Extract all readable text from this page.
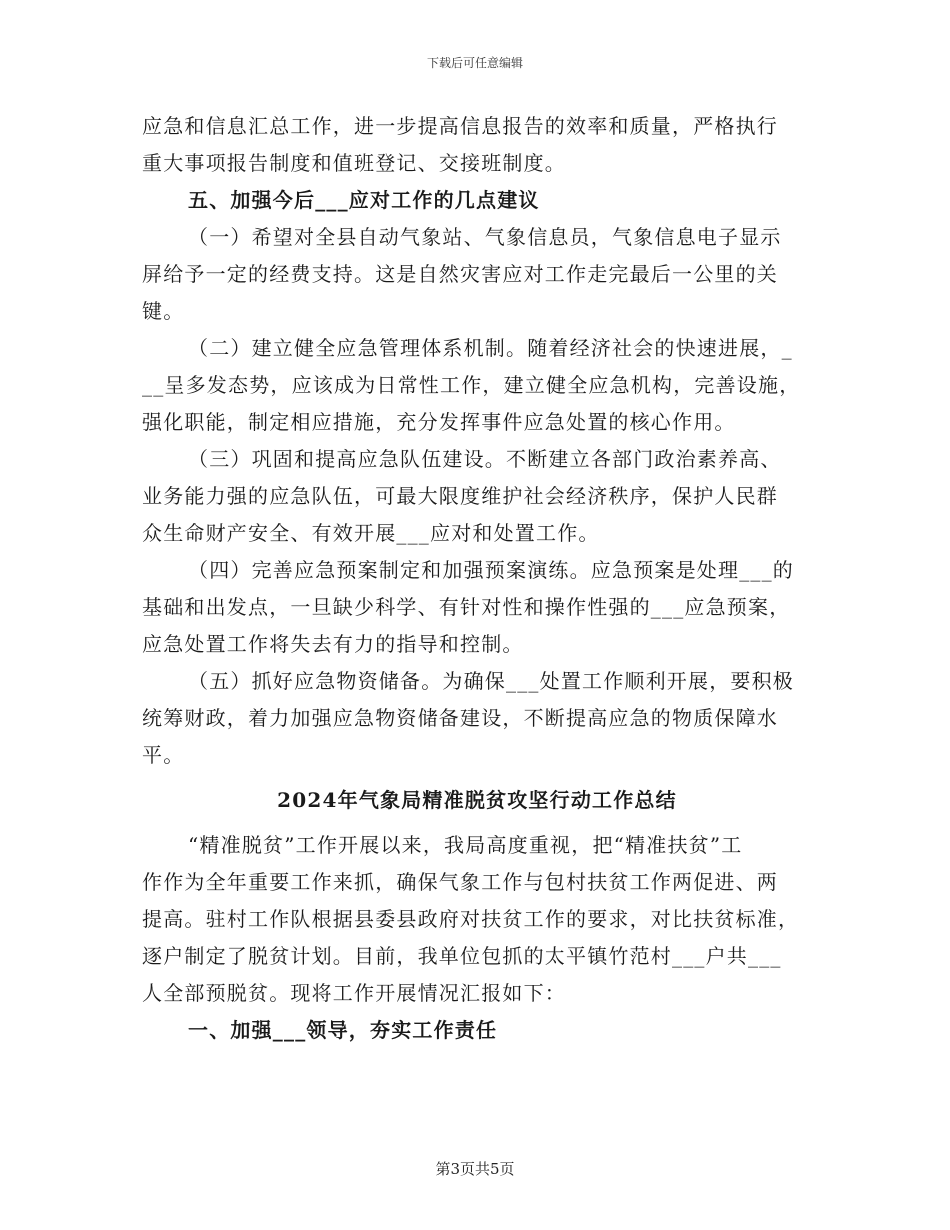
下载后可任意编辑
应急和信息汇总工作，进一步提高信息报告的效率和质量，严格执行
重大事项报告制度和值班登记、交接班制度。
五、加强今后___应对工作的几点建议
（一）希望对全县自动气象站、气象信息员，气象信息电子显示
屏给予一定的经费支持。这是自然灾害应对工作走完最后一公里的关
键。
（二）建立健全应急管理体系机制。随着经济社会的快速进展，_
__呈多发态势，应该成为日常性工作，建立健全应急机构，完善设施，
强化职能，制定相应措施，充分发挥事件应急处置的核心作用。
（三）巩固和提高应急队伍建设。不断建立各部门政治素养高、
业务能力强的应急队伍，可最大限度维护社会经济秩序，保护人民群
众生命财产安全、有效开展___应对和处置工作。
（四）完善应急预案制定和加强预案演练。应急预案是处理___的
基础和出发点，一旦缺少科学、有针对性和操作性强的___应急预案，
应急处置工作将失去有力的指导和控制。
（五）抓好应急物资储备。为确保___处置工作顺利开展，要积极
统筹财政，着力加强应急物资储备建设，不断提高应急的物质保障水
平。
2024年气象局精准脱贫攻坚行动工作总结
“精准脱贫”工作开展以来，我局高度重视，把“精准扶贫”工
作作为全年重要工作来抓，确保气象工作与包村扶贫工作两促进、两
提高。驻村工作队根据县委县政府对扶贫工作的要求，对比扶贫标准，
逐户制定了脱贫计划。目前，我单位包抓的太平镇竹范村___户共___
人全部预脱贫。现将工作开展情况汇报如下：
一、加强___领导，夯实工作责任
第3页共5页
